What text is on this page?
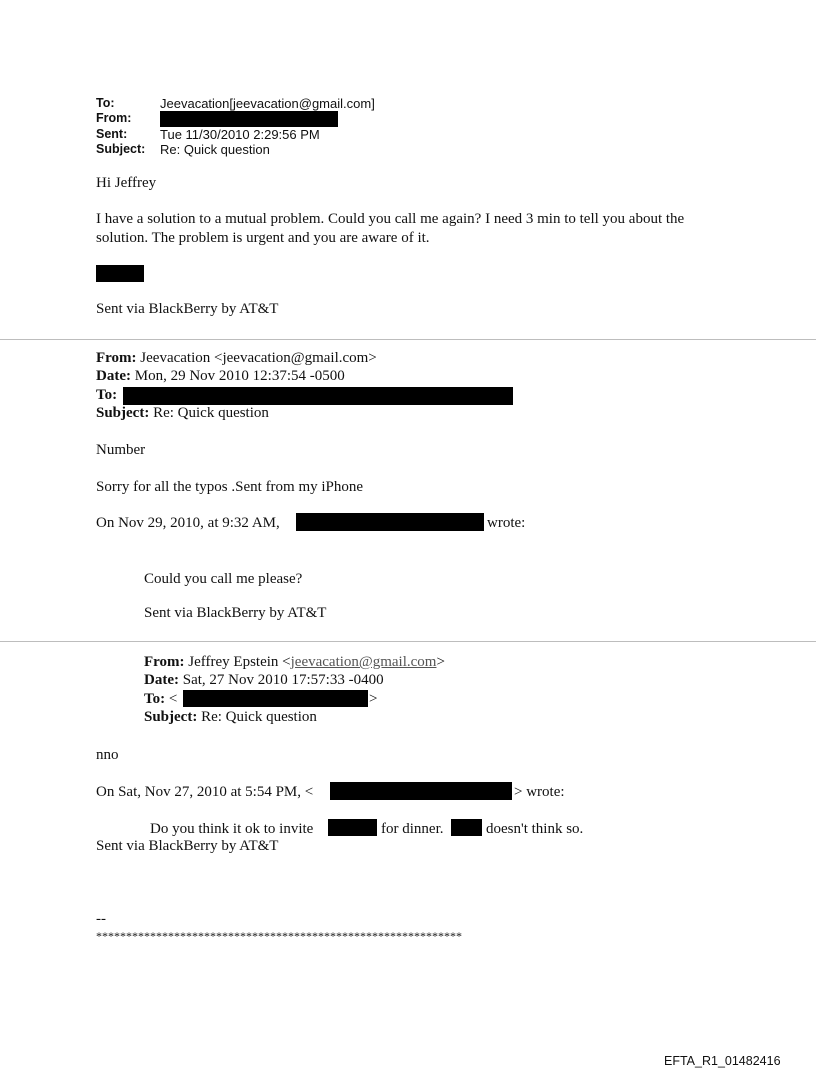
To:	Jeevacation[jeevacation@gmail.com]
From:
Sent:	Tue 11/30/2010 2:29:56 PM
Subject: Re: Quick question
Hi Jeffrey
I have a solution to a mutual problem. Could you call me again? I need 3 min to tell you about the
solution. The problem is urgent and you are aware of it.
Sent via BlackBerry by AT&T
From: Jeevacation <jeevacation@gmail.com>
Date: Mon, 29 Nov 2010 12:37:54 -0500
To:
Subject: Re: Quick question
Number
Sorry for all the typos .Sent from my iPhone
On Nov 29, 2010, at 9:32 AM,	wrote:
Could you call me please?
Sent via BlackBerry by AT&T
From: Jeffrey Epstein <jeevacation@gmail.com>
Date: Sat, 27 Nov 2010 17:57:33 -0400
To: <	>
Subject: Re: Quick question
nno
On Sat, Nov 27, 2010 at 5:54 PM, <	> wrote:
Do you think it ok to invite	for dinner.	doesn't think so.
Sent via BlackBerry by AT&T
--
*************************************************************
EFTA_R1_01482416
